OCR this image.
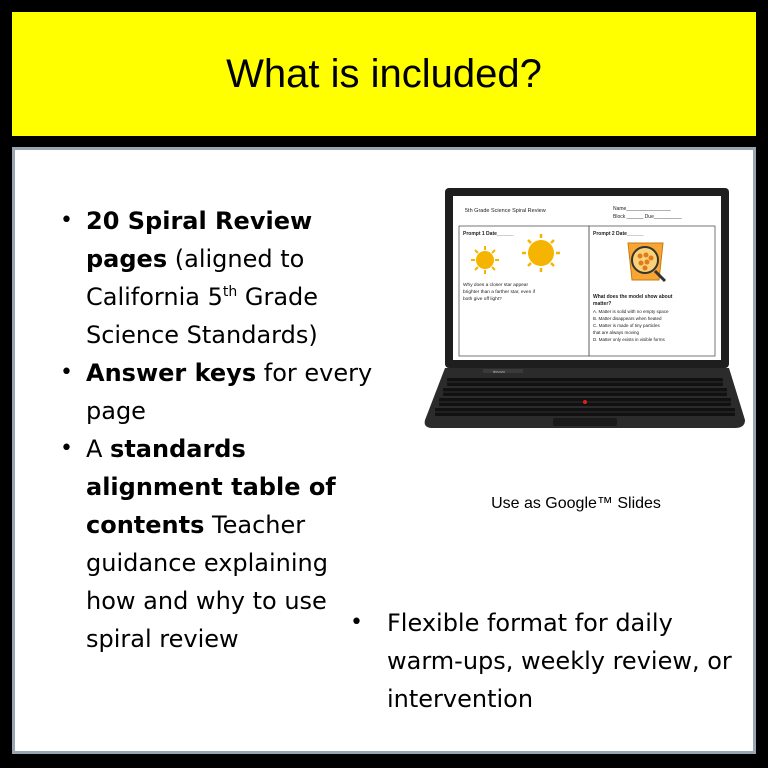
What is included?
• 20 Spiral Review pages (aligned to California 5th Grade Science Standards)
• Answer keys for every page
• A standards alignment table of contents Teacher guidance explaining how and why to use spiral review
5th Grade Science Spiral Review	Name________________
Block ______ Due__________
Prompt 1 Date______	Prompt 2 Date______
Why does a closer star appear
brighter than a farther star, even if
both give off light?	What does the model show about
matter?
A. Matter is solid with no empty space
B. Matter disappears when heated
C. Matter is made of tiny particles
that are always moving
D. Matter only exists in visible forms
lenovo
Use as Google™ Slides
• Flexible format for daily warm-ups, weekly review, or intervention
